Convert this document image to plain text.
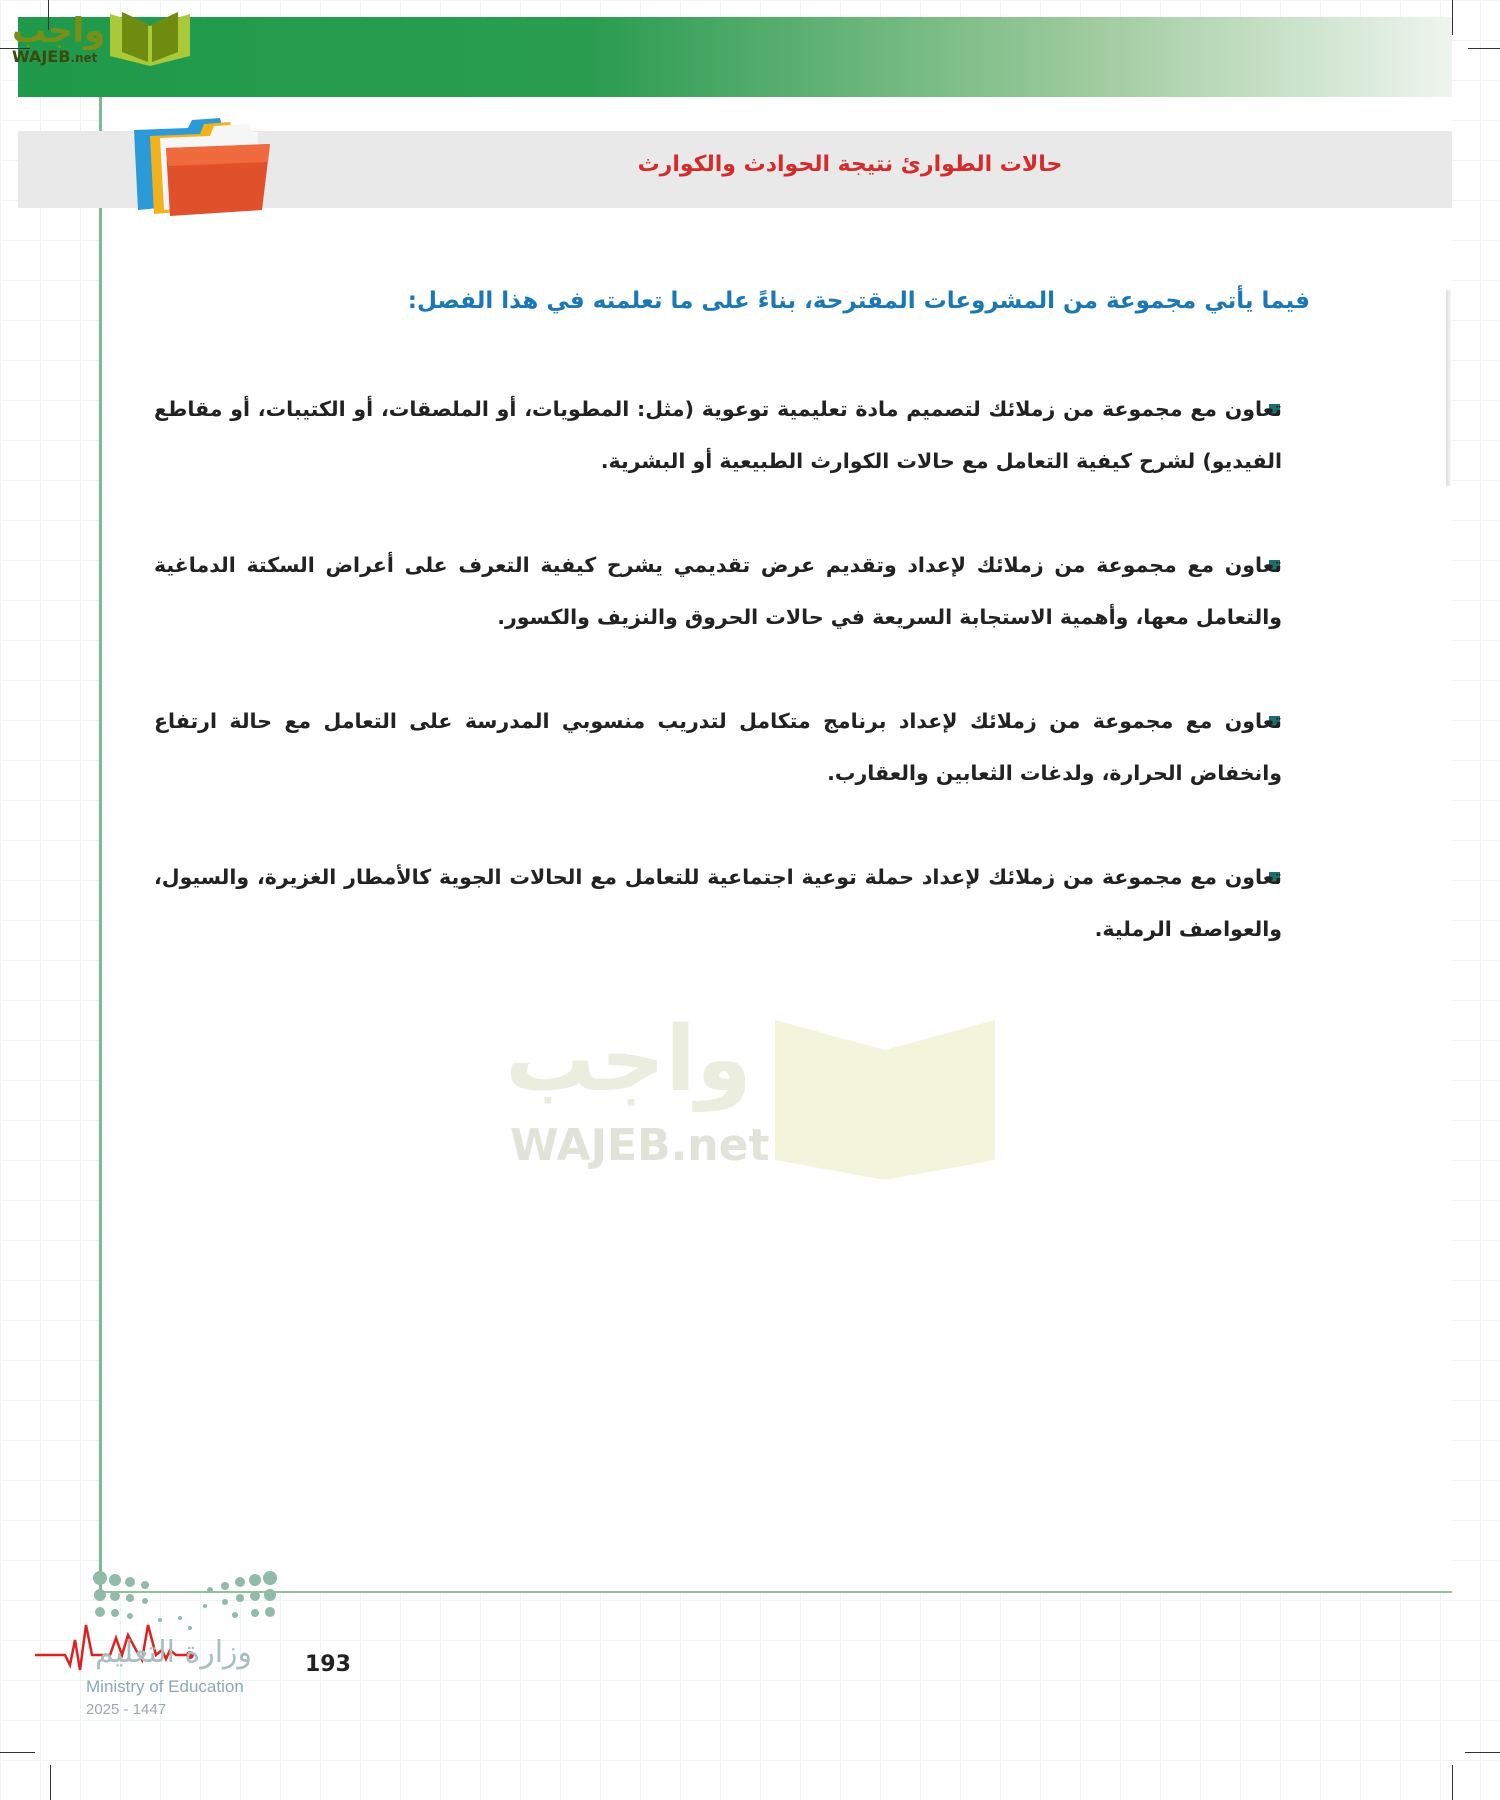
واجب
WAJEB.net
واجب
WAJEB.net
حالات الطوارئ نتيجة الحوادث والكوارث
فيما يأتي مجموعة من المشروعات المقترحة، بناءً على ما تعلمته في هذا الفصل:
تعاون مع مجموعة من زملائك لتصميم مادة تعليمية توعوية (مثل: المطويات، أو الملصقات، أو الكتيبات، أو مقاطع الفيديو) لشرح كيفية التعامل مع حالات الكوارث الطبيعية أو البشرية.
تعاون مع مجموعة من زملائك لإعداد وتقديم عرض تقديمي يشرح كيفية التعرف على أعراض السكتة الدماغية والتعامل معها، وأهمية الاستجابة السريعة في حالات الحروق والنزيف والكسور.
تعاون مع مجموعة من زملائك لإعداد برنامج متكامل لتدريب منسوبي المدرسة على التعامل مع حالة ارتفاع وانخفاض الحرارة، ولدغات الثعابين والعقارب.
تعاون مع مجموعة من زملائك لإعداد حملة توعية اجتماعية للتعامل مع الحالات الجوية كالأمطار الغزيرة، والسيول، والعواصف الرملية.
وزارة التعليم
Ministry of Education
2025 - 1447
193
